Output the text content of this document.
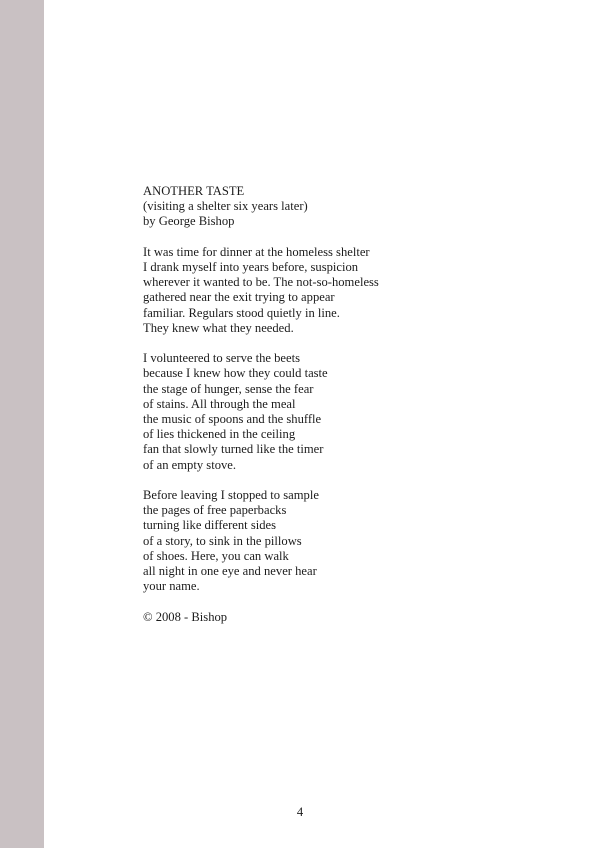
ANOTHER TASTE
(visiting a shelter six years later)
by George Bishop
It was time for dinner at the homeless shelter
I drank myself into years before, suspicion
wherever it wanted to be. The not-so-homeless
gathered near the exit trying to appear
familiar. Regulars stood quietly in line.
They knew what they needed.
I volunteered to serve the beets
because I knew how they could taste
the stage of hunger, sense the fear
of stains. All through the meal
the music of spoons and the shuffle
of lies thickened in the ceiling
fan that slowly turned like the timer
of an empty stove.
Before leaving I stopped to sample
the pages of free paperbacks
turning like different sides
of a story, to sink in the pillows
of shoes. Here, you can walk
all night in one eye and never hear
your name.
© 2008 - Bishop
4
